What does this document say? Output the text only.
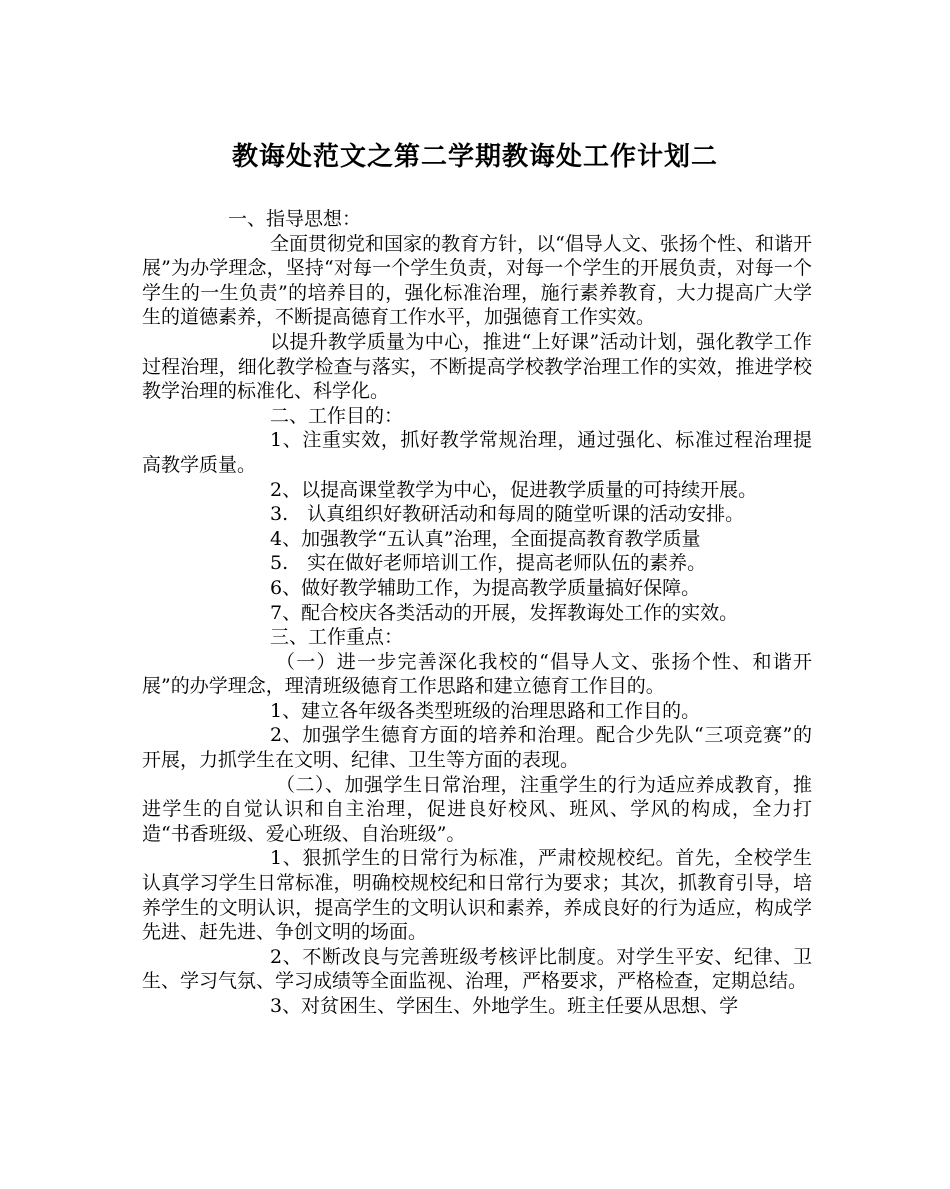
教诲处范文之第二学期教诲处工作计划二

一、指导思想：

全面贯彻党和国家的教育方针，以“倡导人文、张扬个性、和谐开展”为办学理念，坚持“对每一个学生负责，对每一个学生的开展负责，对每一个学生的一生负责”的培养目的，强化标准治理，施行素养教育，大力提高广大学生的道德素养，不断提高德育工作水平，加强德育工作实效。

以提升教学质量为中心，推进“上好课”活动计划，强化教学工作过程治理，细化教学检查与落实，不断提高学校教学治理工作的实效，推进学校教学治理的标准化、科学化。

二、工作目的：

1、注重实效，抓好教学常规治理，通过强化、标准过程治理提高教学质量。

2、以提高课堂教学为中心，促进教学质量的可持续开展。

3.　认真组织好教研活动和每周的随堂听课的活动安排。

4、加强教学“五认真”治理，全面提高教育教学质量

5.　实在做好老师培训工作，提高老师队伍的素养。

6、做好教学辅助工作，为提高教学质量搞好保障。

7、配合校庆各类活动的开展，发挥教诲处工作的实效。

三、工作重点：

（一）进一步完善深化我校的“倡导人文、张扬个性、和谐开展”的办学理念，理清班级德育工作思路和建立德育工作目的。

1、建立各年级各类型班级的治理思路和工作目的。

2、加强学生德育方面的培养和治理。配合少先队“三项竞赛”的开展，力抓学生在文明、纪律、卫生等方面的表现。

（二）、加强学生日常治理，注重学生的行为适应养成教育，推进学生的自觉认识和自主治理，促进良好校风、班风、学风的构成，全力打造“书香班级、爱心班级、自治班级”。

1、狠抓学生的日常行为标准，严肃校规校纪。首先，全校学生认真学习学生日常标准，明确校规校纪和日常行为要求；其次，抓教育引导，培养学生的文明认识，提高学生的文明认识和素养，养成良好的行为适应，构成学先进、赶先进、争创文明的场面。

2、不断改良与完善班级考核评比制度。对学生平安、纪律、卫生、学习气氛、学习成绩等全面监视、治理，严格要求，严格检查，定期总结。

3、对贫困生、学困生、外地学生。班主任要从思想、学
